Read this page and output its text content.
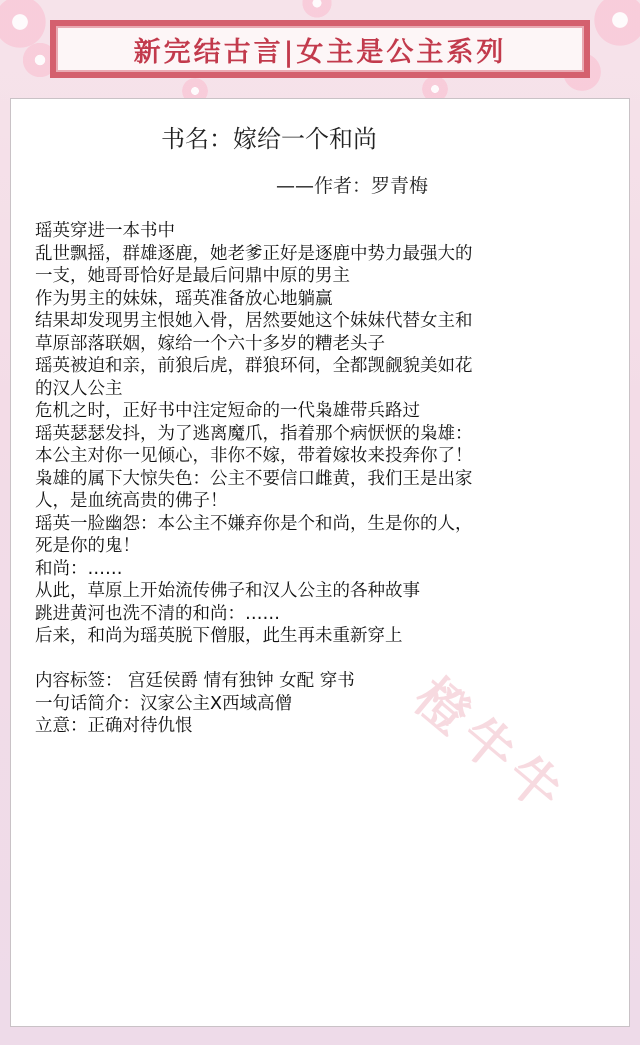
新完结古言|女主是公主系列
书名：嫁给一个和尚
——作者：罗青梅
瑶英穿进一本书中
乱世飘摇，群雄逐鹿，她老爹正好是逐鹿中势力最强大的
一支，她哥哥恰好是最后问鼎中原的男主
作为男主的妹妹，瑶英准备放心地躺赢
结果却发现男主恨她入骨，居然要她这个妹妹代替女主和
草原部落联姻，嫁给一个六十多岁的糟老头子
瑶英被迫和亲，前狼后虎，群狼环伺，全都觊觎貌美如花
的汉人公主
危机之时，正好书中注定短命的一代枭雄带兵路过
瑶英瑟瑟发抖，为了逃离魔爪，指着那个病恹恹的枭雄：
本公主对你一见倾心，非你不嫁，带着嫁妆来投奔你了！
枭雄的属下大惊失色：公主不要信口雌黄，我们王是出家
人，是血统高贵的佛子！
瑶英一脸幽怨：本公主不嫌弃你是个和尚，生是你的人，
死是你的鬼！
和尚：……
从此，草原上开始流传佛子和汉人公主的各种故事
跳进黄河也洗不清的和尚：……
后来，和尚为瑶英脱下僧服，此生再未重新穿上
内容标签： 宫廷侯爵 情有独钟 女配 穿书
一句话简介：汉家公主X西域高僧
立意：正确对待仇恨	橙牛牛
